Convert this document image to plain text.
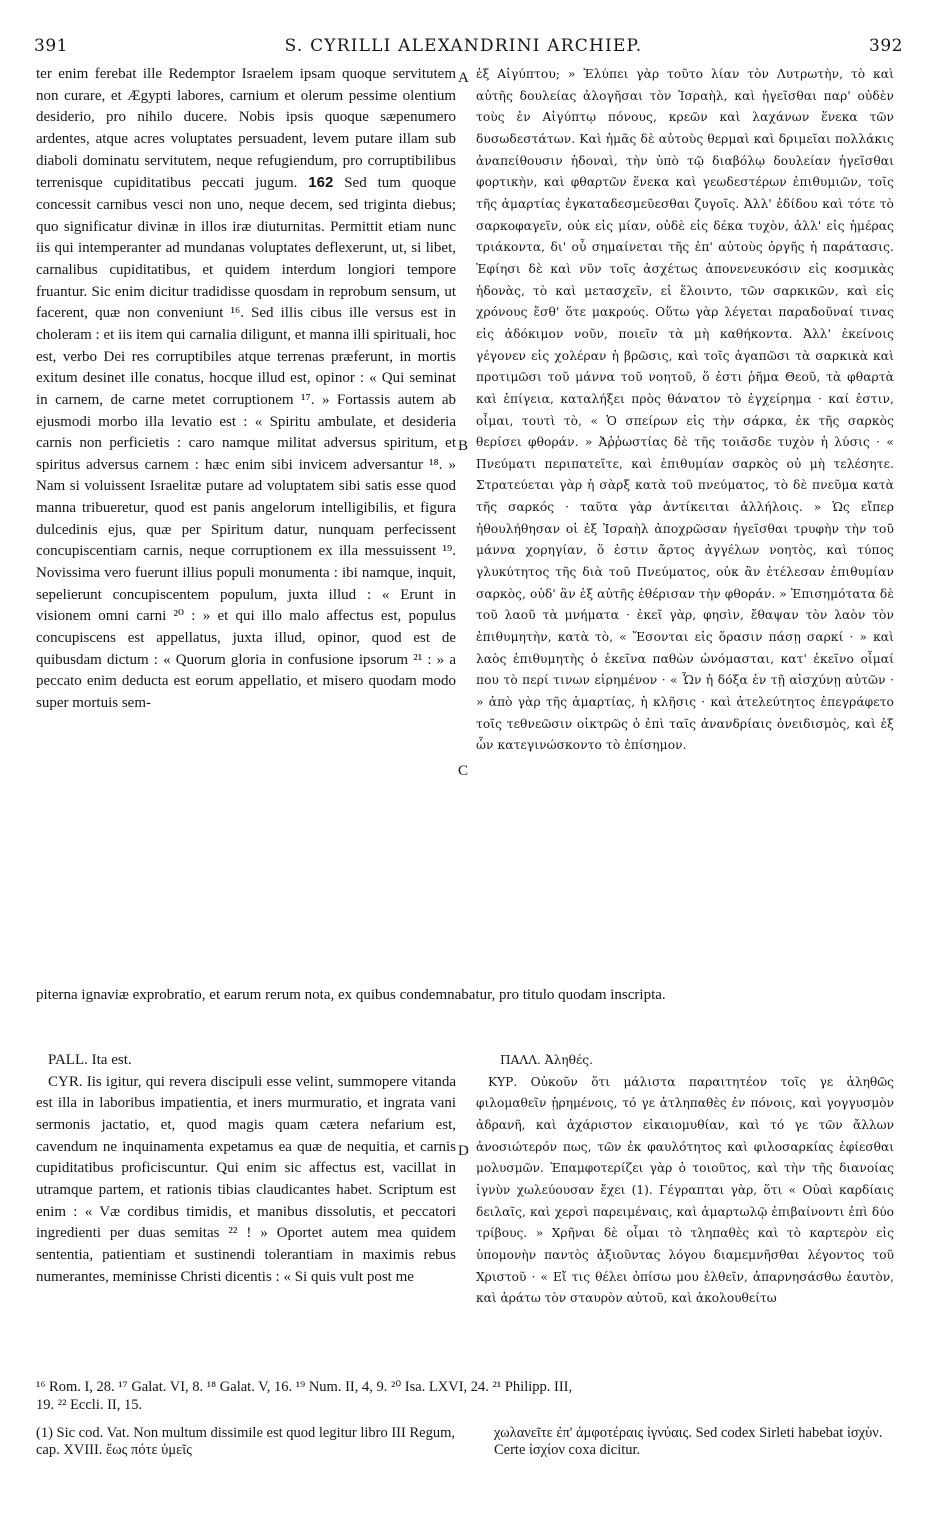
391	S. CYRILLI ALEXANDRINI ARCHIEP.	392
ter enim ferebat ille Redemptor Israelem ipsam quoque servitutem non curare, et Ægypti labores, carnium et olerum pessime olentium desiderio, pro nihilo ducere. Nobis ipsis quoque sæpenumero ardentes, atque acres voluptates persuadent, levem putare illam sub diaboli dominatu servitutem, neque refugiendum, pro corruptibilibus terrenisque cupiditatibus peccati jugum. 162 Sed tum quoque concessit carnibus vesci non uno, neque decem, sed triginta diebus; quo significatur divinæ in illos iræ diuturnitas. Permittit etiam nunc iis qui intemperanter ad mundanas voluptates deflexerunt, ut, si libet, carnalibus cupiditatibus, et quidem interdum longiori tempore fruantur. Sic enim dicitur tradidisse quosdam in reprobum sensum, ut facerent, quæ non conveniunt ¹⁶. Sed illis cibus ille versus est in choleram : et iis item qui carnalia diligunt, et manna illi spirituali, hoc est, verbo Dei res corruptibiles atque terrenas præferunt, in mortis exitum desinet ille conatus, hocque illud est, opinor : « Qui seminat in carnem, de carne metet corruptionem ¹⁷. » Fortassis autem ab ejusmodi morbo illa levatio est : « Spiritu ambulate, et desideria carnis non perficietis : caro namque militat adversus spiritum, et spiritus adversus carnem : hæc enim sibi invicem adversantur ¹⁸. » Nam si voluissent Israelitæ putare ad voluptatem sibi satis esse quod manna tribueretur, quod est panis angelorum intelligibilis, et figura dulcedinis ejus, quæ per Spiritum datur, nunquam perfecissent concupiscentiam carnis, neque corruptionem ex illa messuissent ¹⁹. Novissima vero fuerunt illius populi monumenta : ibi namque, inquit, sepelierunt concupiscentem populum, juxta illud : « Erunt in visionem omni carni ²⁰ : » et qui illo malo affectus est, populus concupiscens est appellatus, juxta illud, opinor, quod est de quibusdam dictum : « Quorum gloria in confusione ipsorum ²¹ : » a peccato enim deducta est eorum appellatio, et misero quodam modo super mortuis sem-
A
B
C
D
ἐξ Αἰγύπτου; » Ἐλύπει γὰρ τοῦτο λίαν τὸν Λυτρωτὴν, τὸ καὶ αὐτῆς δουλείας ἀλογῆσαι τὸν Ἰσραὴλ, καὶ ἡγεῖσθαι παρ' οὐδὲν τοὺς ἐν Αἰγύπτῳ πόνους, κρεῶν καὶ λαχάνων ἕνεκα τῶν δυσωδεστάτων. Καὶ ἡμᾶς δὲ αὐτοὺς θερμαὶ καὶ δριμεῖαι πολλάκις ἀναπείθουσιν ἡδοναὶ, τὴν ὑπὸ τῷ διαβόλῳ δουλείαν ἡγεῖσθαι φορτικὴν, καὶ φθαρτῶν ἕνεκα καὶ γεωδεστέρων ἐπιθυμιῶν, τοῖς τῆς ἁμαρτίας ἐγκαταδεσμεῦεσθαι ζυγοῖς. Ἀλλ' ἐδίδου καὶ τότε τὸ σαρκοφαγεῖν, οὐκ εἰς μίαν, οὐδὲ εἰς δέκα τυχὸν, ἀλλ' εἰς ἡμέρας τριάκοντα, δι' οὗ σημαίνεται τῆς ἐπ' αὐτοὺς ὀργῆς ἡ παράτασις. Ἐφίησι δὲ καὶ νῦν τοῖς ἀσχέτως ἀπονενευκόσιν εἰς κοσμικὰς ἡδονὰς, τὸ καὶ μετασχεῖν, εἰ ἕλοιντο, τῶν σαρκικῶν, καὶ εἰς χρόνους ἔσθ' ὅτε μακρούς. Οὕτω γὰρ λέγεται παραδοῦναί τινας εἰς ἀδόκιμον νοῦν, ποιεῖν τὰ μὴ καθήκοντα. Ἀλλ' ἐκείνοις γέγονεν εἰς χολέραν ἡ βρῶσις, καὶ τοῖς ἀγαπῶσι τὰ σαρκικὰ καὶ προτιμῶσι τοῦ μάννα τοῦ νοητοῦ, ὅ ἐστι ῥῆμα Θεοῦ, τὰ φθαρτὰ καὶ ἐπίγεια, καταλήξει πρὸς θάνατον τὸ ἐγχείρημα · καί ἐστιν, οἶμαι, τουτὶ τὸ, « Ὁ σπείρων εἰς τὴν σάρκα, ἐκ τῆς σαρκὸς θερίσει φθοράν. » Ἀῤῥωστίας δὲ τῆς τοιᾶσδε τυχὸν ἡ λύσις · « Πνεύματι περιπατεῖτε, καὶ ἐπιθυμίαν σαρκὸς οὐ μὴ τελέσητε. Στρατεύεται γὰρ ἡ σὰρξ κατὰ τοῦ πνεύματος, τὸ δὲ πνεῦμα κατὰ τῆς σαρκός · ταῦτα γὰρ ἀντίκειται ἀλλήλοις. » Ὡς εἴπερ ἠθουλήθησαν οἱ ἐξ Ἰσραὴλ ἀποχρῶσαν ἡγεῖσθαι τρυφὴν τὴν τοῦ μάννα χορηγίαν, ὅ ἐστιν ἄρτος ἀγγέλων νοητὸς, καὶ τύπος γλυκύτητος τῆς διὰ τοῦ Πνεύματος, οὐκ ἂν ἐτέλεσαν ἐπιθυμίαν σαρκὸς, οὐδ' ἂν ἐξ αὐτῆς ἐθέρισαν τὴν φθοράν. » Ἐπισημότατα δὲ τοῦ λαοῦ τὰ μνήματα · ἐκεῖ γὰρ, φησὶν, ἔθαψαν τὸν λαὸν τὸν ἐπιθυμητὴν, κατὰ τὸ, « Ἔσονται εἰς ὅρασιν πάσῃ σαρκί · » καὶ λαὸς ἐπιθυμητὴς ὁ ἐκεῖνα παθὼν ὠνόμασται, κατ' ἐκεῖνο οἶμαί που τὸ περί τινων εἰρημένον · « Ὧν ἡ δόξα ἐν τῇ αἰσχύνῃ αὐτῶν · » ἀπὸ γὰρ τῆς ἁμαρτίας, ἡ κλῆσις · καὶ ἀτελεύτητος ἐπεγράφετο τοῖς τεθνεῶσιν οἰκτρῶς ὁ ἐπὶ ταῖς ἀνανδρίαις ὀνειδισμὸς, καὶ ἐξ ὧν κατεγινώσκοντο τὸ ἐπίσημον.
piterna ignaviæ exprobratio, et earum rerum nota, ex quibus condemnabatur, pro titulo quodam inscripta.
PALL. Ita est.
CYR. Iis igitur, qui revera discipuli esse velint, summopere vitanda est illa in laboribus impatientia, et iners murmuratio, et ingrata vani sermonis jactatio, et, quod magis quam cætera nefarium est, cavendum ne inquinamenta expetamus ea quæ de nequitia, et carnis cupiditatibus proficiscuntur. Qui enim sic affectus est, vacillat in utramque partem, et rationis tibias claudicantes habet. Scriptum est enim : « Væ cordibus timidis, et manibus dissolutis, et peccatori ingredienti per duas semitas ²² ! » Oportet autem mea quidem sententia, patientiam et sustinendi tolerantiam in maximis rebus numerantes, meminisse Christi dicentis : « Si quis vult post me
ΠΑΛΛ. Ἀληθές.
ΚΥΡ. Οὐκοῦν ὅτι μάλιστα παραιτητέον τοῖς γε ἀληθῶς φιλομαθεῖν ᾑρημένοις, τό γε ἀτληπαθὲς ἐν πόνοις, καὶ γογγυσμὸν ἀδρανῆ, καὶ ἀχάριστον εἰκαιομυθίαν, καὶ τό γε τῶν ἄλλων ἀνοσιώτερόν πως, τῶν ἐκ φαυλότητος καὶ φιλοσαρκίας ἐφίεσθαι μολυσμῶν. Ἐπαμφοτερίζει γὰρ ὁ τοιοῦτος, καὶ τὴν τῆς διανοίας ἰγνὺν χωλεύουσαν ἔχει (1). Γέγραπται γὰρ, ὅτι « Οὐαὶ καρδίαις δειλαῖς, καὶ χερσὶ παρειμέναις, καὶ ἁμαρτωλῷ ἐπιβαίνοντι ἐπὶ δύο τρίβους. » Χρῆναι δὲ οἶμαι τὸ τληπαθὲς καὶ τὸ καρτερὸν εἰς ὑπομονὴν παντὸς ἀξιοῦντας λόγου διαμεμνῆσθαι λέγοντος τοῦ Χριστοῦ · « Εἴ τις θέλει ὀπίσω μου ἐλθεῖν, ἀπαρνησάσθω ἑαυτὸν, καὶ ἀράτω τὸν σταυρὸν αὐτοῦ, καὶ ἀκολουθείτω
¹⁶ Rom. I, 28. ¹⁷ Galat. VI, 8. ¹⁸ Galat. V, 16. ¹⁹ Num. II, 4, 9. ²⁰ Isa. LXVI, 24. ²¹ Philipp. III,
19. ²² Eccli. II, 15.
(1) Sic cod. Vat. Non multum dissimile est quod legitur libro III Regum, cap. XVIII. ἕως πότε ὑμεῖς
χωλανεῖτε ἐπ' ἀμφοτέραις ἰγνύαις. Sed codex Sirleti habebat ἰσχὺν. Certe ἰσχίον coxa dicitur.
